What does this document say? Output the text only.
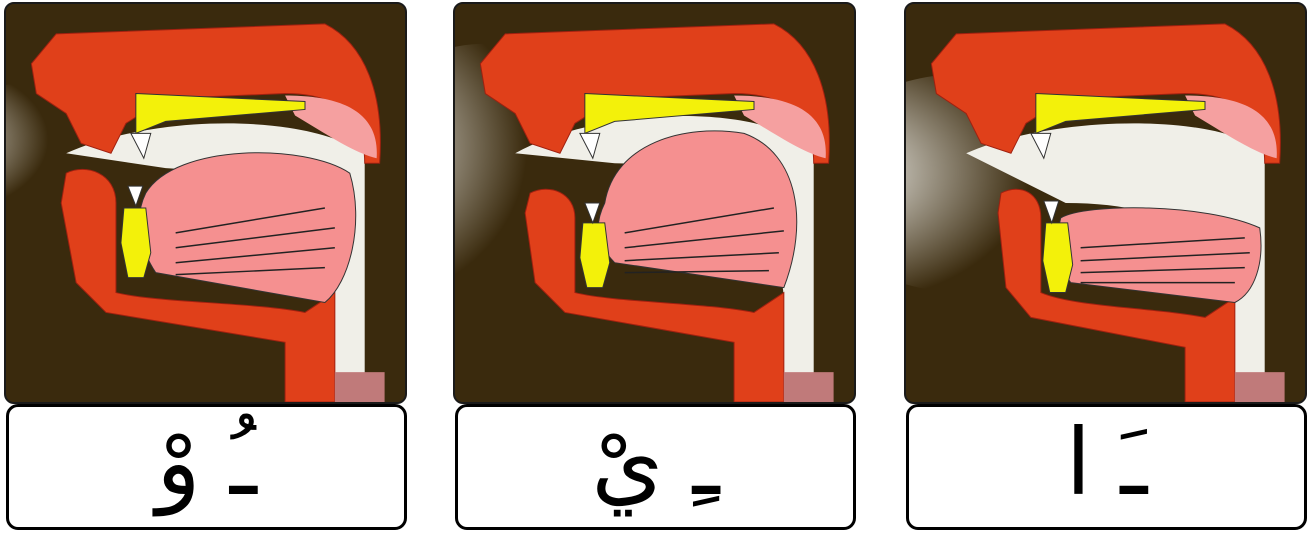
ـُ وْ	ـِ يْ	ـَ ا
